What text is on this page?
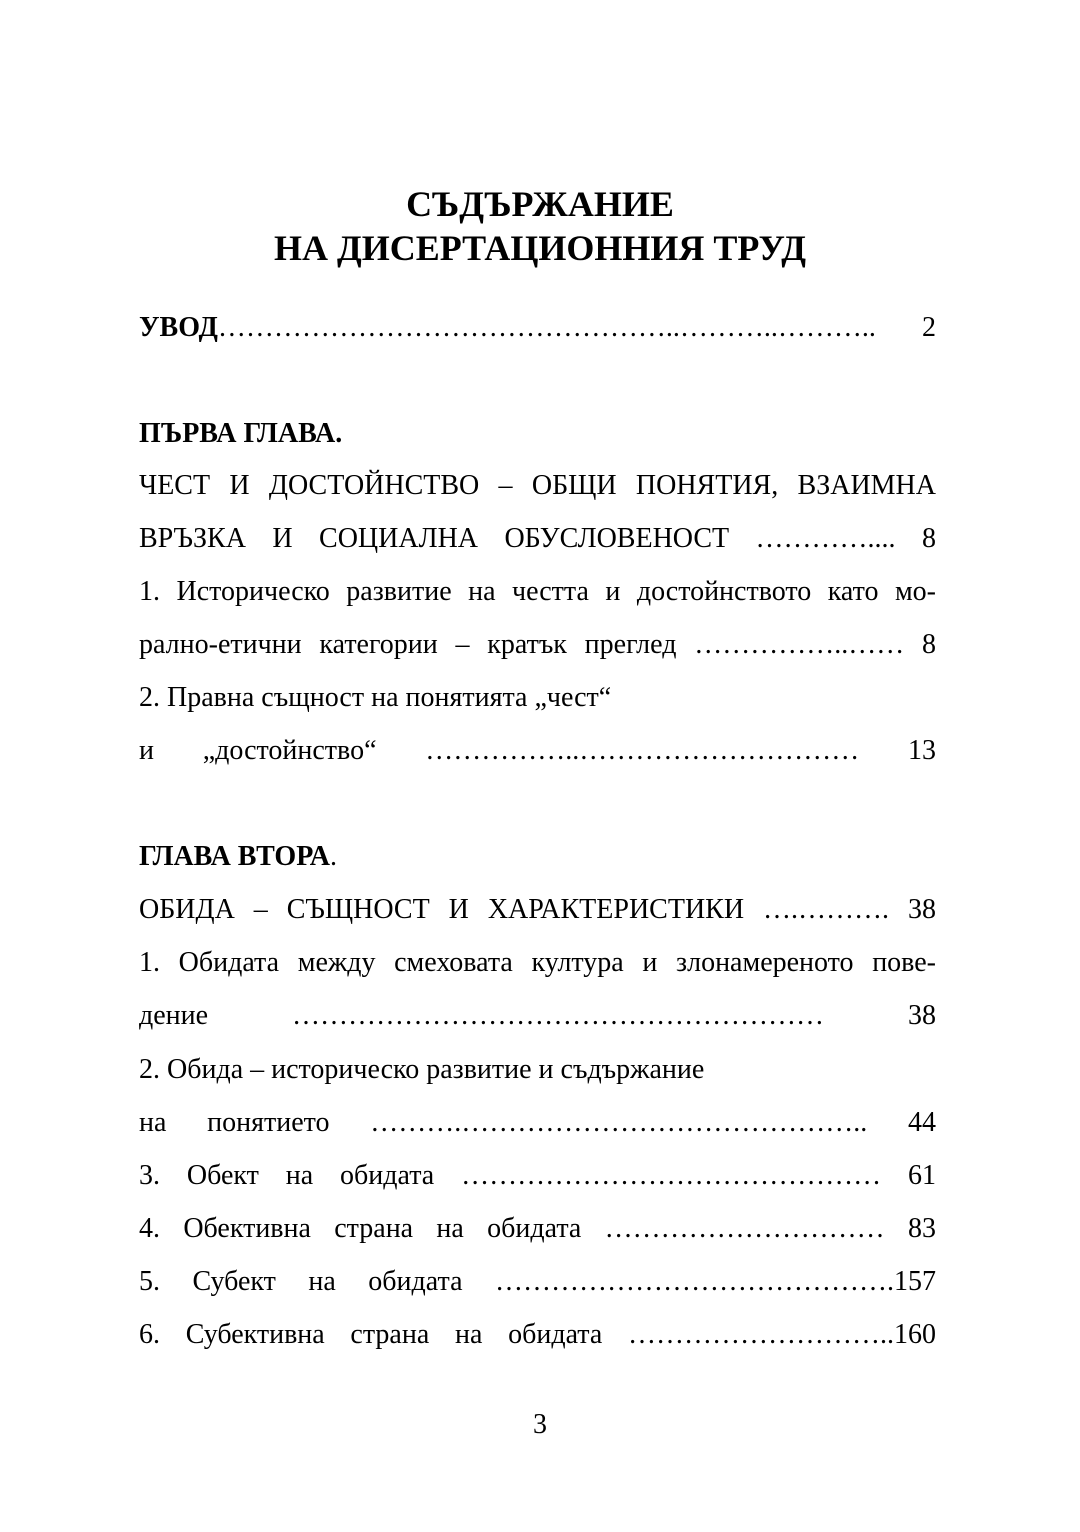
СЪДЪРЖАНИЕ
НА ДИСЕРТАЦИОННИЯ ТРУД
УВОД…………………………………………..………..……….. 2
ПЪРВА ГЛАВА.
ЧЕСТ И ДОСТОЙНСТВО – ОБЩИ ПОНЯТИЯ, ВЗАИМНА
ВРЪЗКА И СОЦИАЛНА ОБУСЛОВЕНОСТ ………….... 8
1. Историческо развитие на честта и достойнството като мо-
рално-етични категории – кратък преглед ……………..…… 8
2. Правна същност на понятията „чест“
и „достойнство“ ……………..………………………… 13
ГЛАВА ВТОРА.
ОБИДА – СЪЩНОСТ И ХАРАКТЕРИСТИКИ ….………. 38
1. Обидата между смеховата култура и злонамереното пове-
дение ………………………………………………… 38
2. Обида – историческо развитие и съдържание
на понятието ……….…………………………………….. 44
3. Обект на обидата ……………………………………… 61
4. Обективна страна на обидата ………………………… 83
5. Субект на обидата …………………………………….157
6. Субективна страна на обидата ………………………..160
3
